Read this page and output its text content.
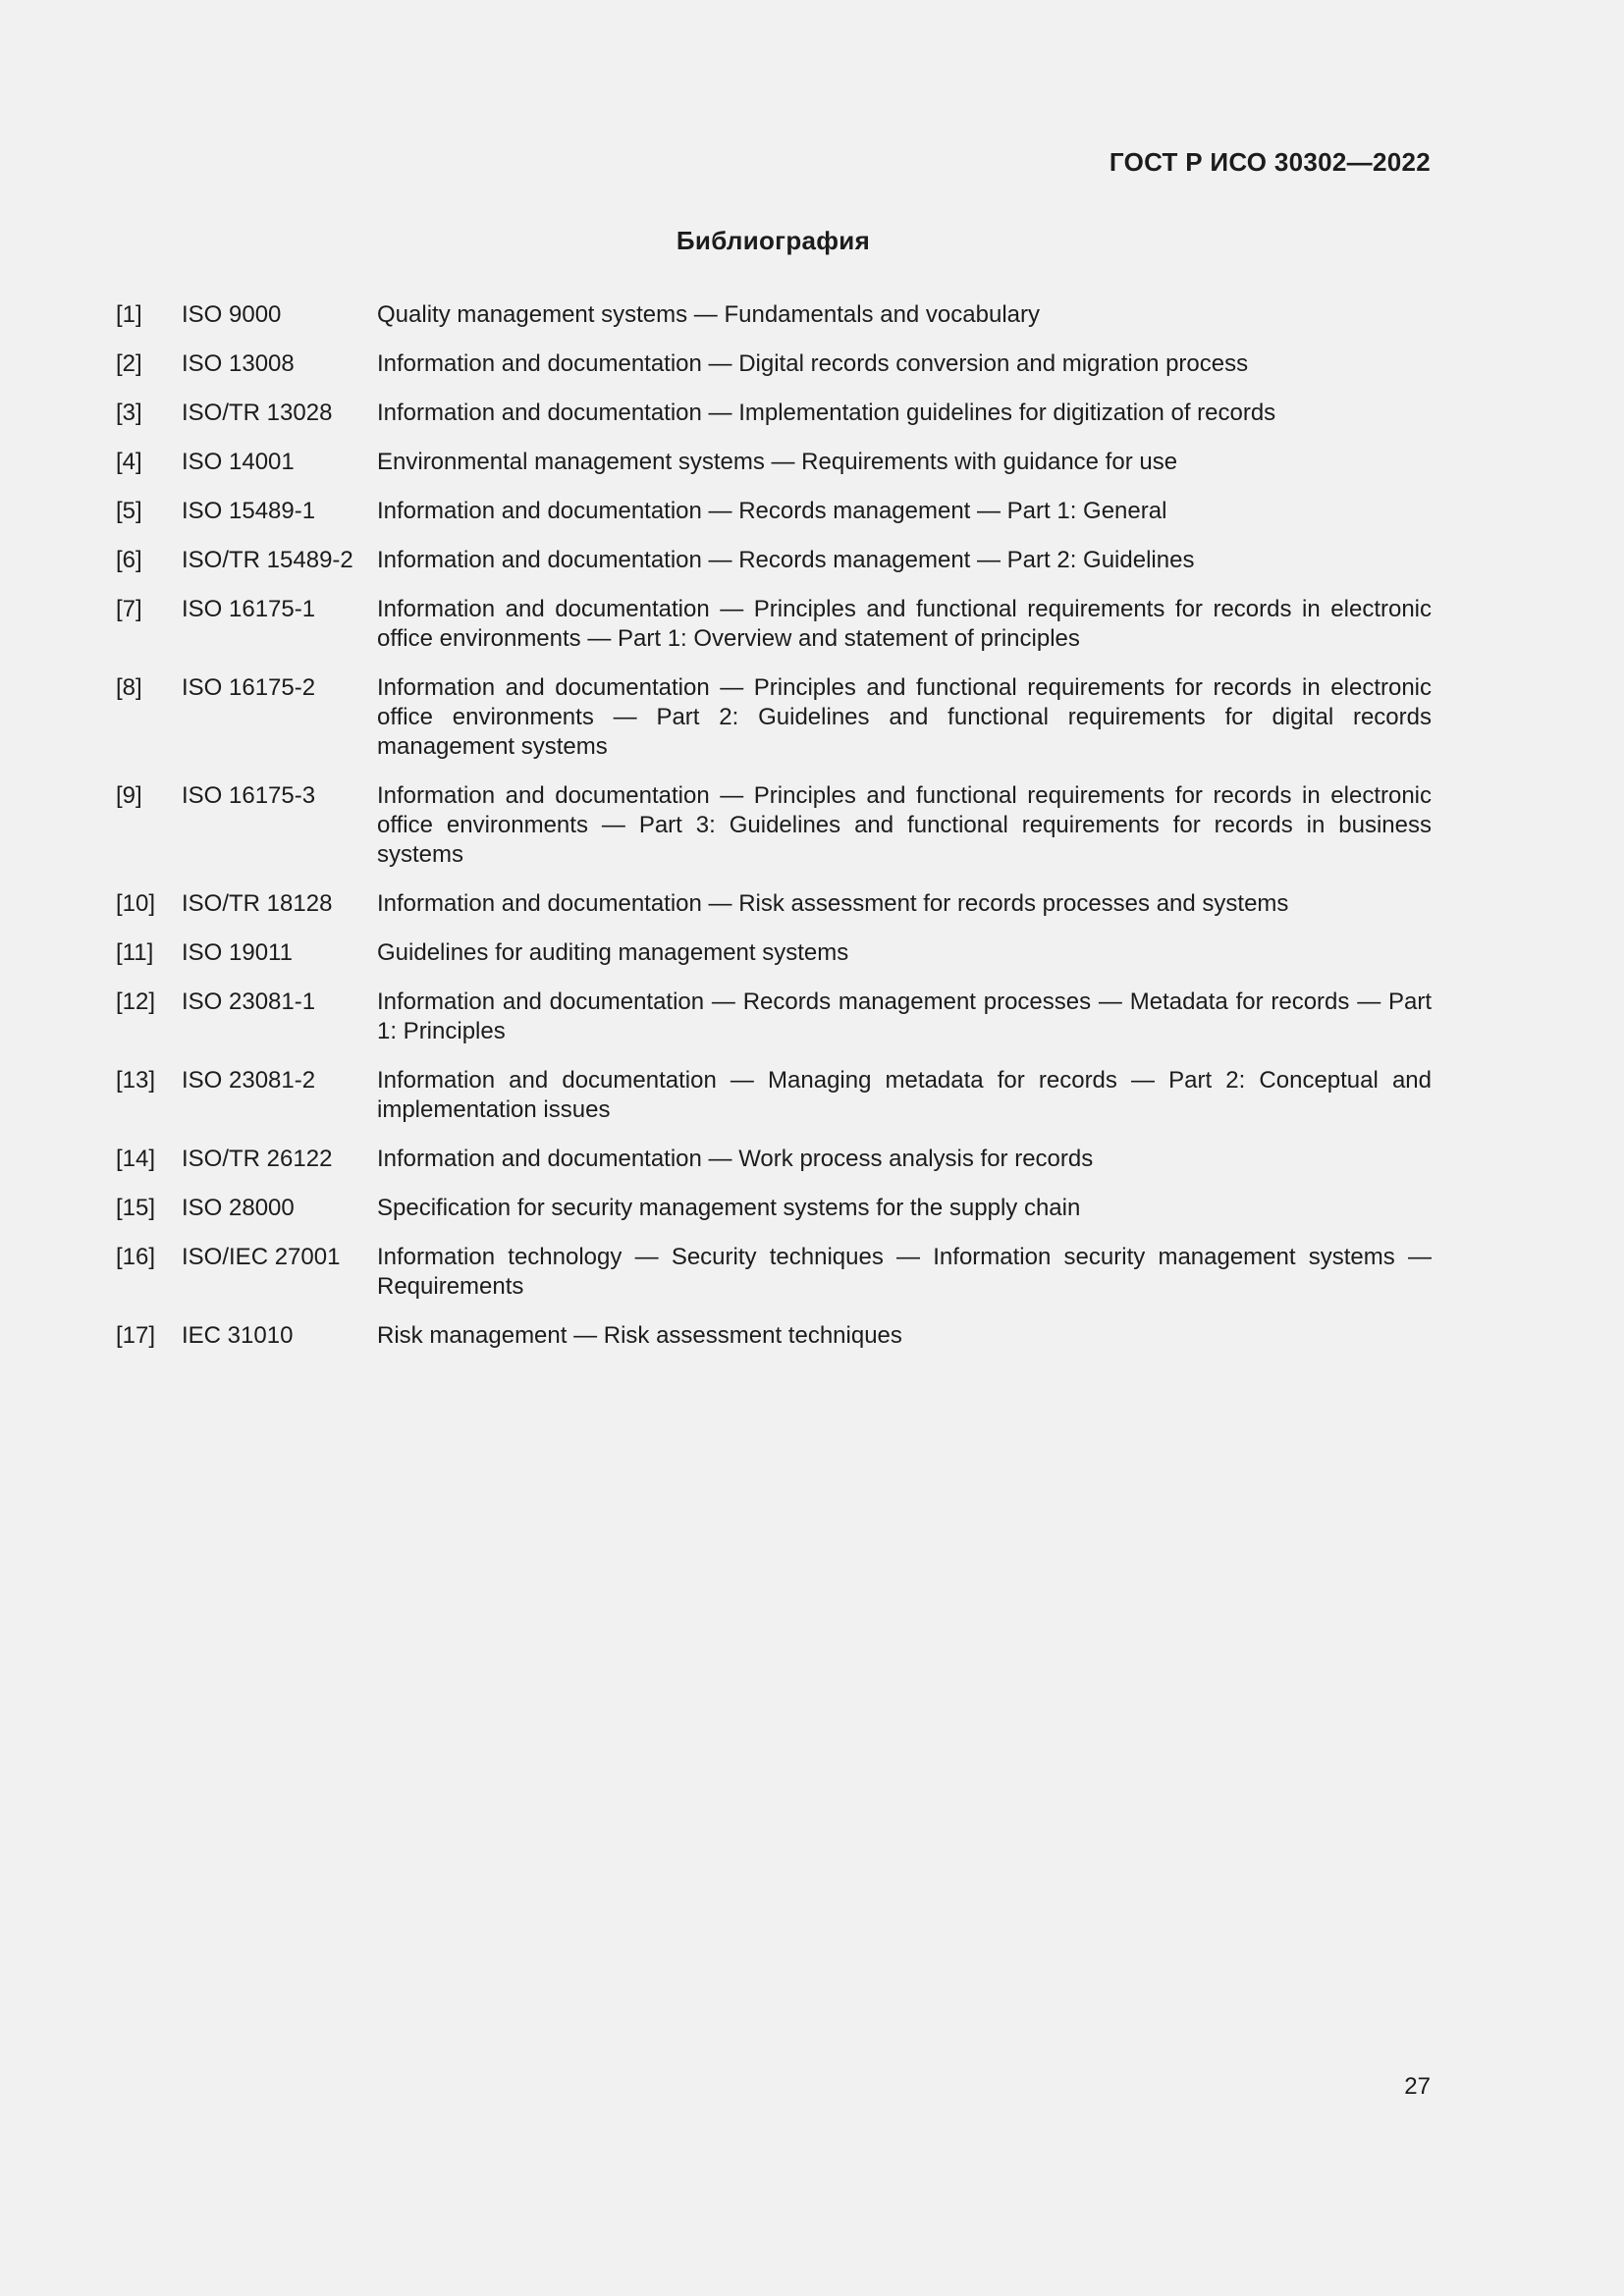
ГОСТ Р ИСО 30302—2022
Библиография
[1]	ISO 9000	Quality management systems — Fundamentals and vocabulary
[2]	ISO 13008	Information and documentation — Digital records conversion and migration process
[3]	ISO/TR 13028	Information and documentation — Implementation guidelines for digitization of records
[4]	ISO 14001	Environmental management systems — Requirements with guidance for use
[5]	ISO 15489-1	Information and documentation — Records management — Part 1: General
[6]	ISO/TR 15489-2	Information and documentation — Records management — Part 2: Guidelines
[7]	ISO 16175-1	Information and documentation — Principles and functional requirements for records in electronic office environments — Part 1: Overview and statement of principles
[8]	ISO 16175-2	Information and documentation — Principles and functional requirements for records in electronic office environments — Part 2: Guidelines and functional requirements for digital records management systems
[9]	ISO 16175-3	Information and documentation — Principles and functional requirements for records in electronic office environments — Part 3: Guidelines and functional requirements for records in business systems
[10]	ISO/TR 18128	Information and documentation — Risk assessment for records processes and systems
[11]	ISO 19011	Guidelines for auditing management systems
[12]	ISO 23081-1	Information and documentation — Records management processes — Metadata for records — Part 1: Principles
[13]	ISO 23081-2	Information and documentation — Managing metadata for records — Part 2: Conceptual and implementation issues
[14]	ISO/TR 26122	Information and documentation — Work process analysis for records
[15]	ISO 28000	Specification for security management systems for the supply chain
[16]	ISO/IEC 27001	Information technology — Security techniques — Information security management systems — Requirements
[17]	IEC 31010	Risk management — Risk assessment techniques
27
